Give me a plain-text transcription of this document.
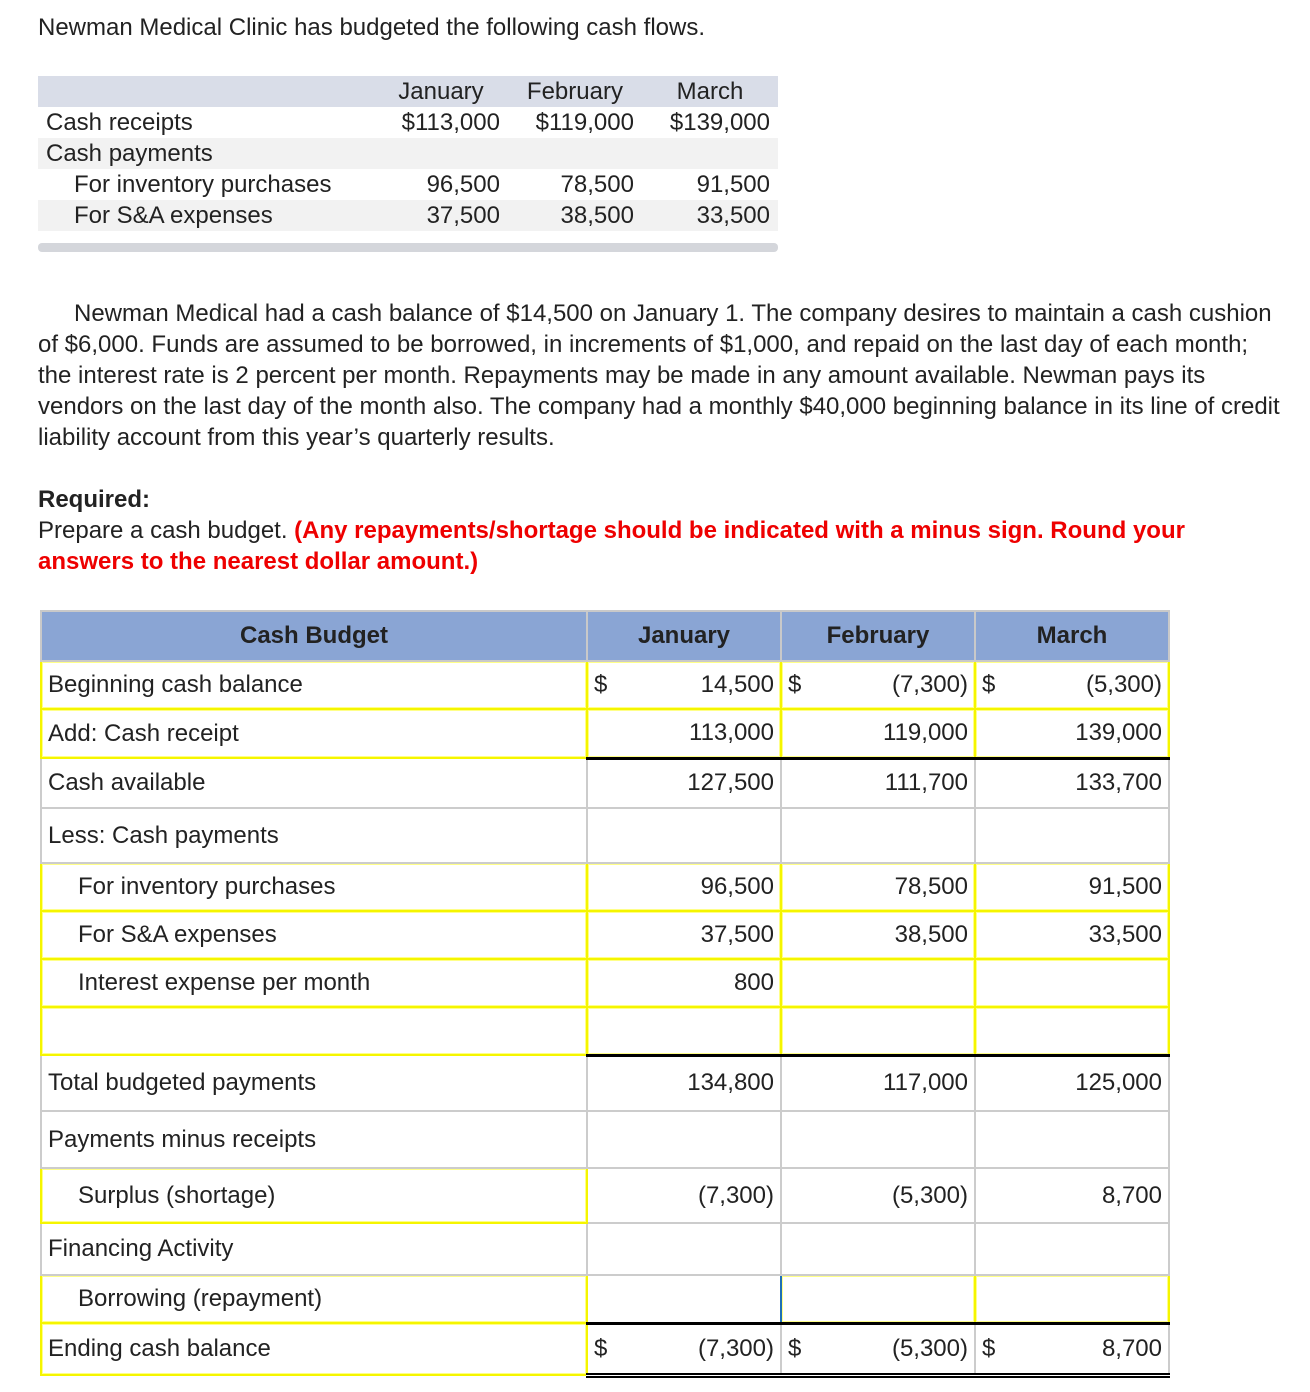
Newman Medical Clinic has budgeted the following cash flows.
	January	February	March
Cash receipts	$113,000	$119,000	$139,000
Cash payments			
For inventory purchases	96,500	78,500	91,500
For S&A expenses	37,500	38,500	33,500
Newman Medical had a cash balance of $14,500 on January 1. The company desires to maintain a cash cushion of $6,000. Funds are assumed to be borrowed, in increments of $1,000, and repaid on the last day of each month; the interest rate is 2 percent per month. Repayments may be made in any amount available. Newman pays its vendors on the last day of the month also. The company had a monthly $40,000 beginning balance in its line of credit liability account from this year’s quarterly results.
Required:
Prepare a cash budget. (Any repayments/shortage should be indicated with a minus sign. Round your answers to the nearest dollar amount.)
Cash Budget	January	February	March
Beginning cash balance	$ 14,500	$ (7,300)	$ (5,300)
Add: Cash receipt	113,000	119,000	139,000
Cash available	127,500	111,700	133,700
Less: Cash payments			
For inventory purchases	96,500	78,500	91,500
For S&A expenses	37,500	38,500	33,500
Interest expense per month	800		

Total budgeted payments	134,800	117,000	125,000
Payments minus receipts			
Surplus (shortage)	(7,300)	(5,300)	8,700
Financing Activity			
Borrowing (repayment)			
Ending cash balance	$ (7,300)	$ (5,300)	$ 8,700
